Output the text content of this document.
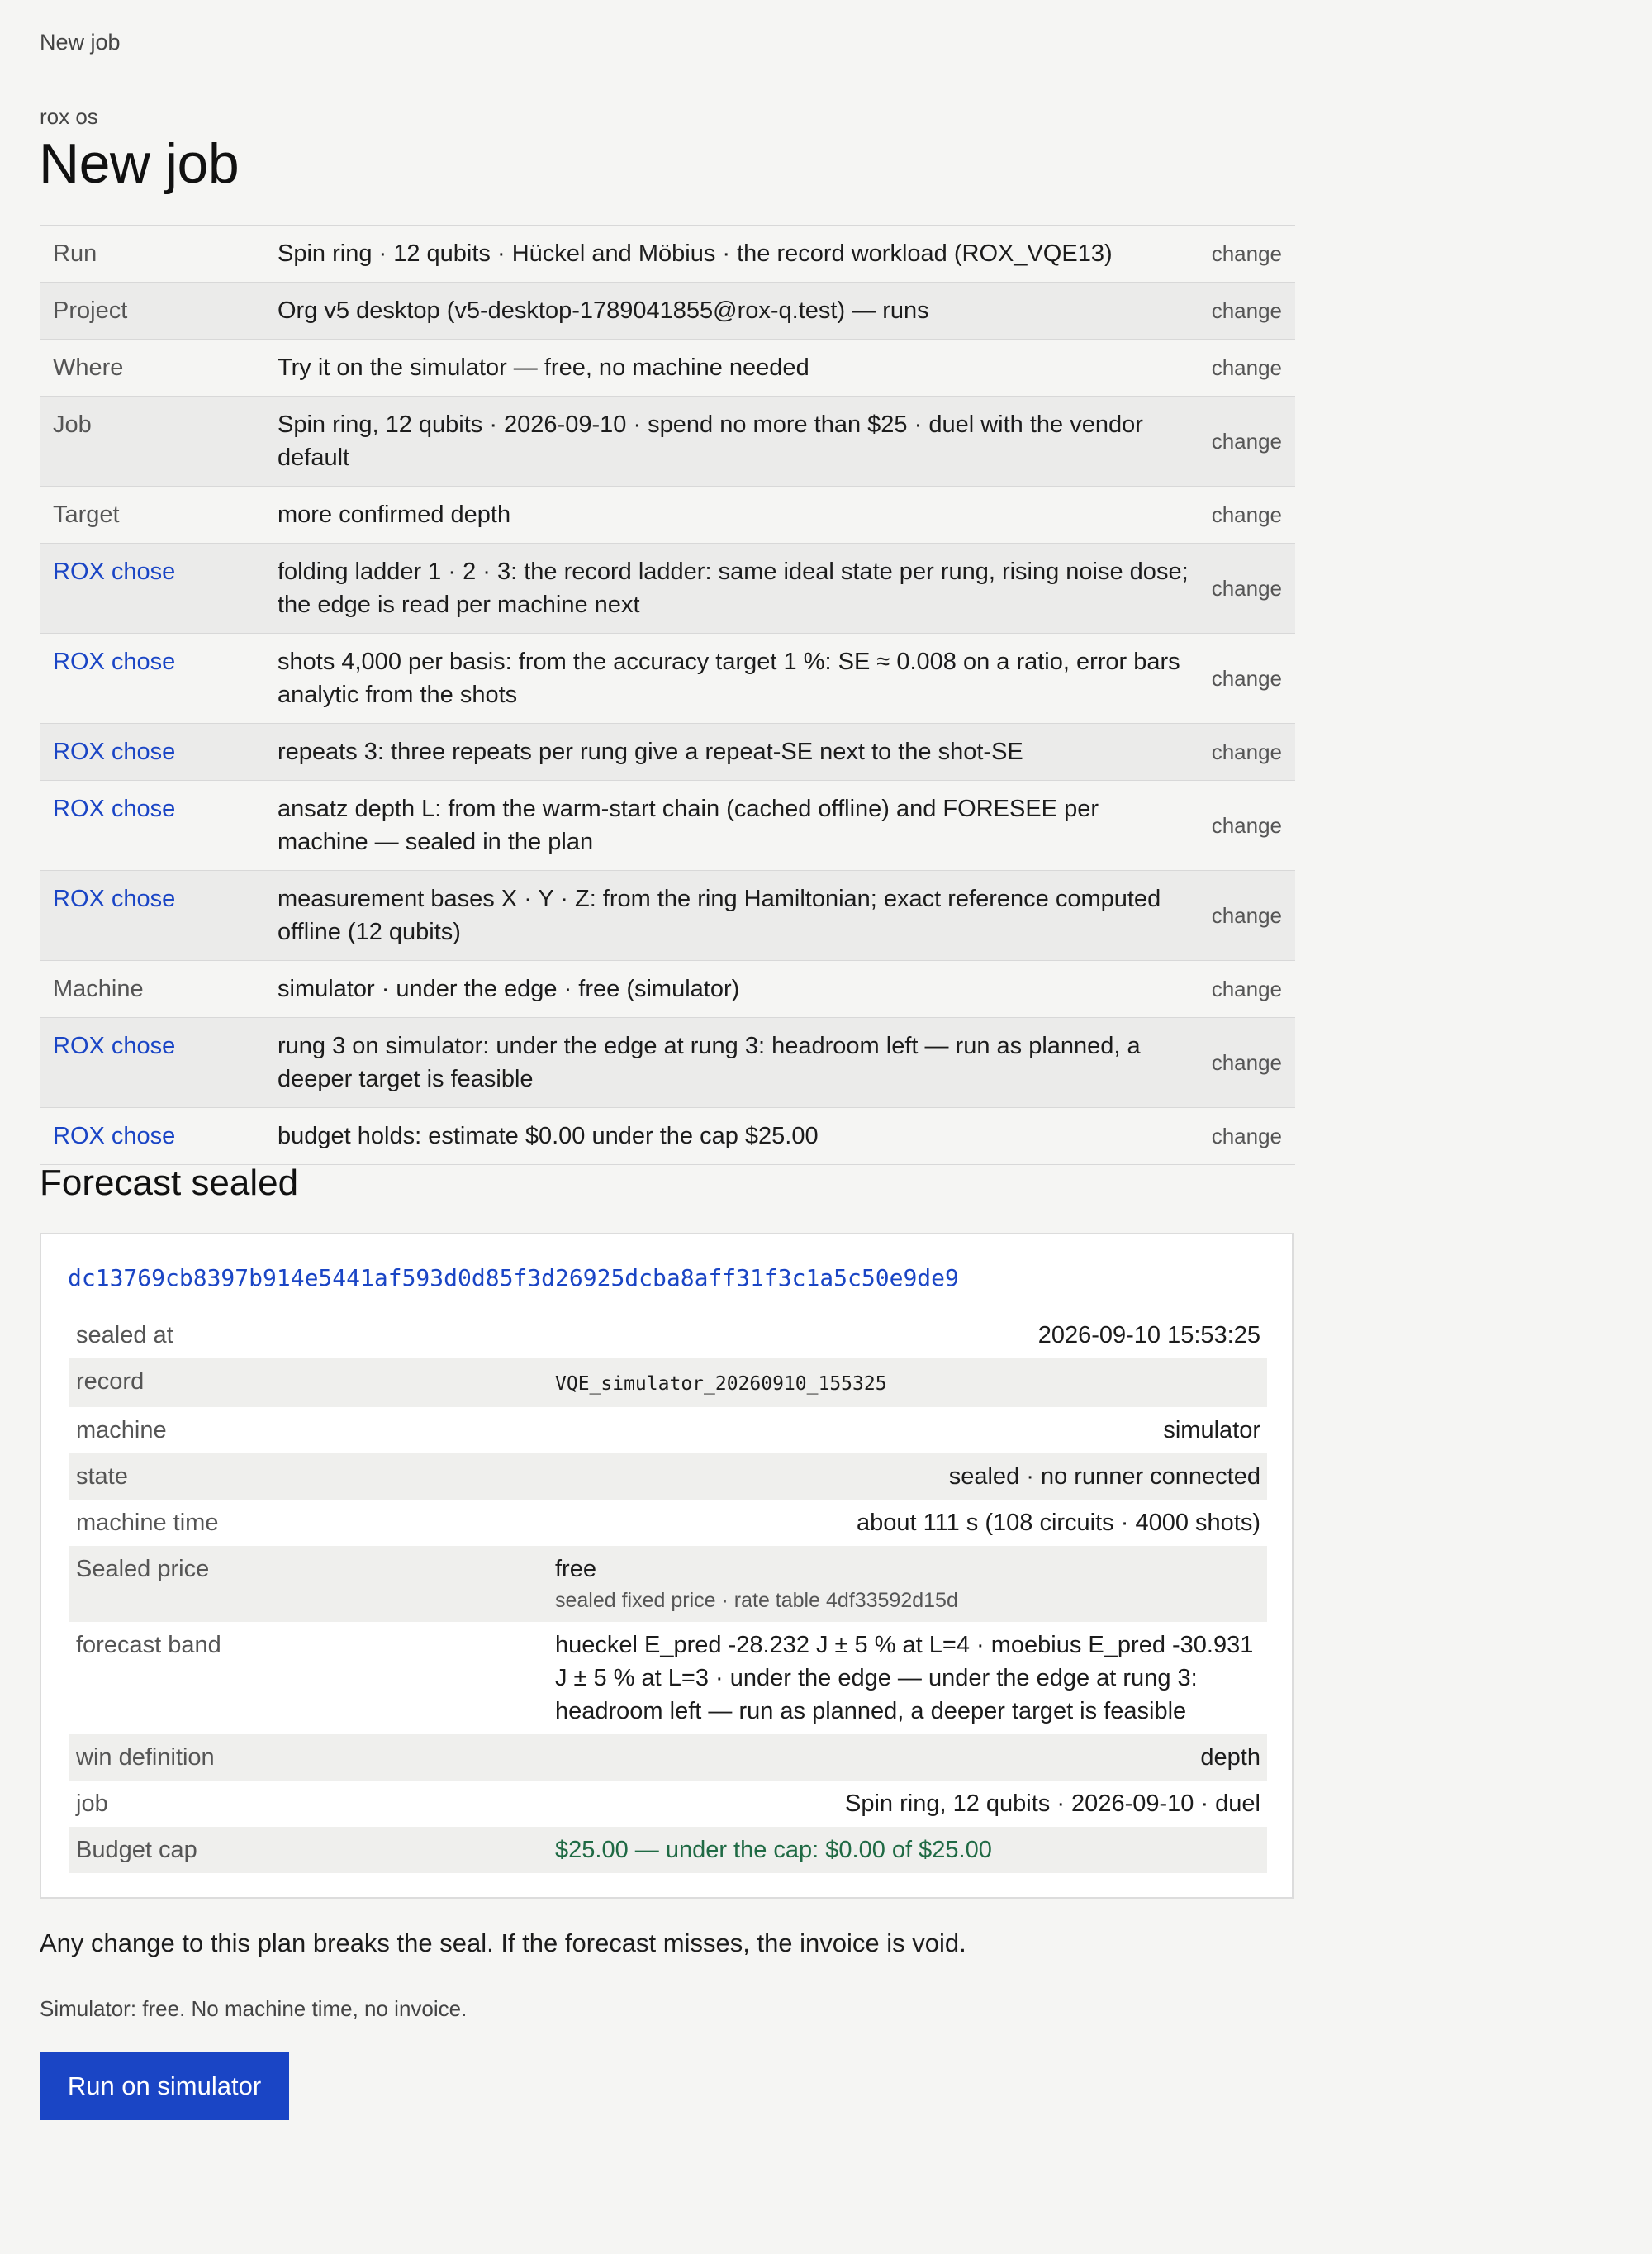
New job
rox os
New job
Run	Spin ring · 12 qubits · Hückel and Möbius · the record workload (ROX_VQE13)	change
Project	Org v5 desktop (v5-desktop-1789041855@rox-q.test) — runs	change
Where	Try it on the simulator — free, no machine needed	change
Job	Spin ring, 12 qubits · 2026-09-10 · spend no more than $25 · duel with the vendor default	change
Target	more confirmed depth	change
ROX chose	folding ladder 1 · 2 · 3: the record ladder: same ideal state per rung, rising noise dose; the edge is read per machine next	change
ROX chose	shots 4,000 per basis: from the accuracy target 1 %: SE ≈ 0.008 on a ratio, error bars analytic from the shots	change
ROX chose	repeats 3: three repeats per rung give a repeat-SE next to the shot-SE	change
ROX chose	ansatz depth L: from the warm-start chain (cached offline) and FORESEE per machine — sealed in the plan	change
ROX chose	measurement bases X · Y · Z: from the ring Hamiltonian; exact reference computed offline (12 qubits)	change
Machine	simulator · under the edge · free (simulator)	change
ROX chose	rung 3 on simulator: under the edge at rung 3: headroom left — run as planned, a deeper target is feasible	change
ROX chose	budget holds: estimate $0.00 under the cap $25.00	change
Forecast sealed
dc13769cb8397b914e5441af593d0d85f3d26925dcba8aff31f3c1a5c50e9de9
sealed at	2026-09-10 15:53:25
record	VQE_simulator_20260910_155325
machine	simulator
state	sealed · no runner connected
machine time	about 111 s (108 circuits · 4000 shots)
Sealed price	free
sealed fixed price · rate table 4df33592d15d

forecast band	hueckel E_pred -28.232 J ± 5 % at L=4 · moebius E_pred -30.931 J ± 5 % at L=3 · under the edge — under the edge at rung 3: headroom left — run as planned, a deeper target is feasible
win definition	depth
job	Spin ring, 12 qubits · 2026-09-10 · duel
Budget cap	$25.00 — under the cap: $0.00 of $25.00
Any change to this plan breaks the seal. If the forecast misses, the invoice is void.
Simulator: free. No machine time, no invoice.
Run on simulator
